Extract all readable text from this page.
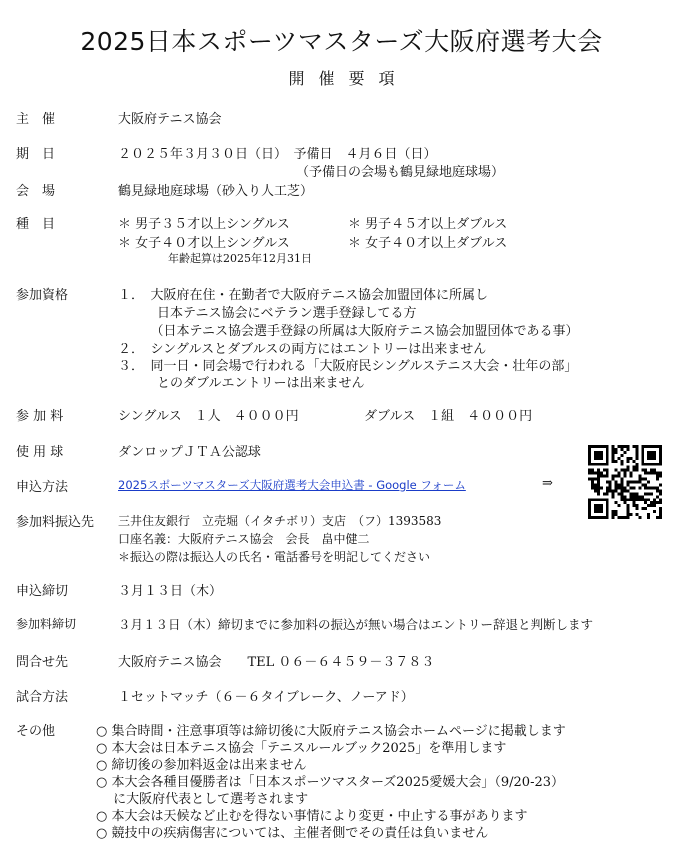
2025日本スポーツマスターズ大阪府選考大会
開催要項
主　催	大阪府テニス協会
期　日	２０２５年３月３０日（日）　予備日　４月６日（日）
（予備日の会場も鶴見緑地庭球場）
会　場	鶴見緑地庭球場（砂入り人工芝）
種　目	＊ 男子３５才以上シングルス	＊ 男子４５才以上ダブルス
＊ 女子４０才以上シングルス	＊ 女子４０才以上ダブルス
年齢起算は2025年12月31日
参加資格	１．　大阪府在住・在勤者で大阪府テニス協会加盟団体に所属し
　　　日本テニス協会にベテラン選手登録してる方
　　　（日本テニス協会選手登録の所属は大阪府テニス協会加盟団体である事）
２．　シングルスとダブルスの両方にはエントリーは出来ません
３．　同一日・同会場で行われる「大阪府民シングルステニス大会・壮年の部」
　　　とのダブルエントリーは出来ません
参 加 料	シングルス　１人　４０００円	ダブルス　１組　４０００円
使 用 球	ダンロップＪＴＡ公認球
申込方法	2025スポーツマスターズ大阪府選考大会申込書 - Google フォーム	⇒
参加料振込先 三井住友銀行　立売堀（イタチボリ）支店　（フ）1393583
口座名義：大阪府テニス協会　会長　畠中健二
＊振込の際は振込人の氏名・電話番号を明記してください
申込締切	３月１３日（木）
参加料締切	３月１３日（木）締切までに参加料の振込が無い場合はエントリー辞退と判断します
問合せ先	大阪府テニス協会　　TEL ０６－６４５９－３７８３
試合方法	１セットマッチ（６－６タイブレーク、ノーアド）
その他	○ 集合時間・注意事項等は締切後に大阪府テニス協会ホームページに掲載します
○ 本大会は日本テニス協会「テニスルールブック2025」を準用します
○ 締切後の参加料返金は出来ません
○ 本大会各種目優勝者は「日本スポーツマスターズ2025愛媛大会」（9/20-23）
　 に大阪府代表として選考されます
○ 本大会は天候など止むを得ない事情により変更・中止する事があります
○ 競技中の疾病傷害については、主催者側でその責任は負いません
